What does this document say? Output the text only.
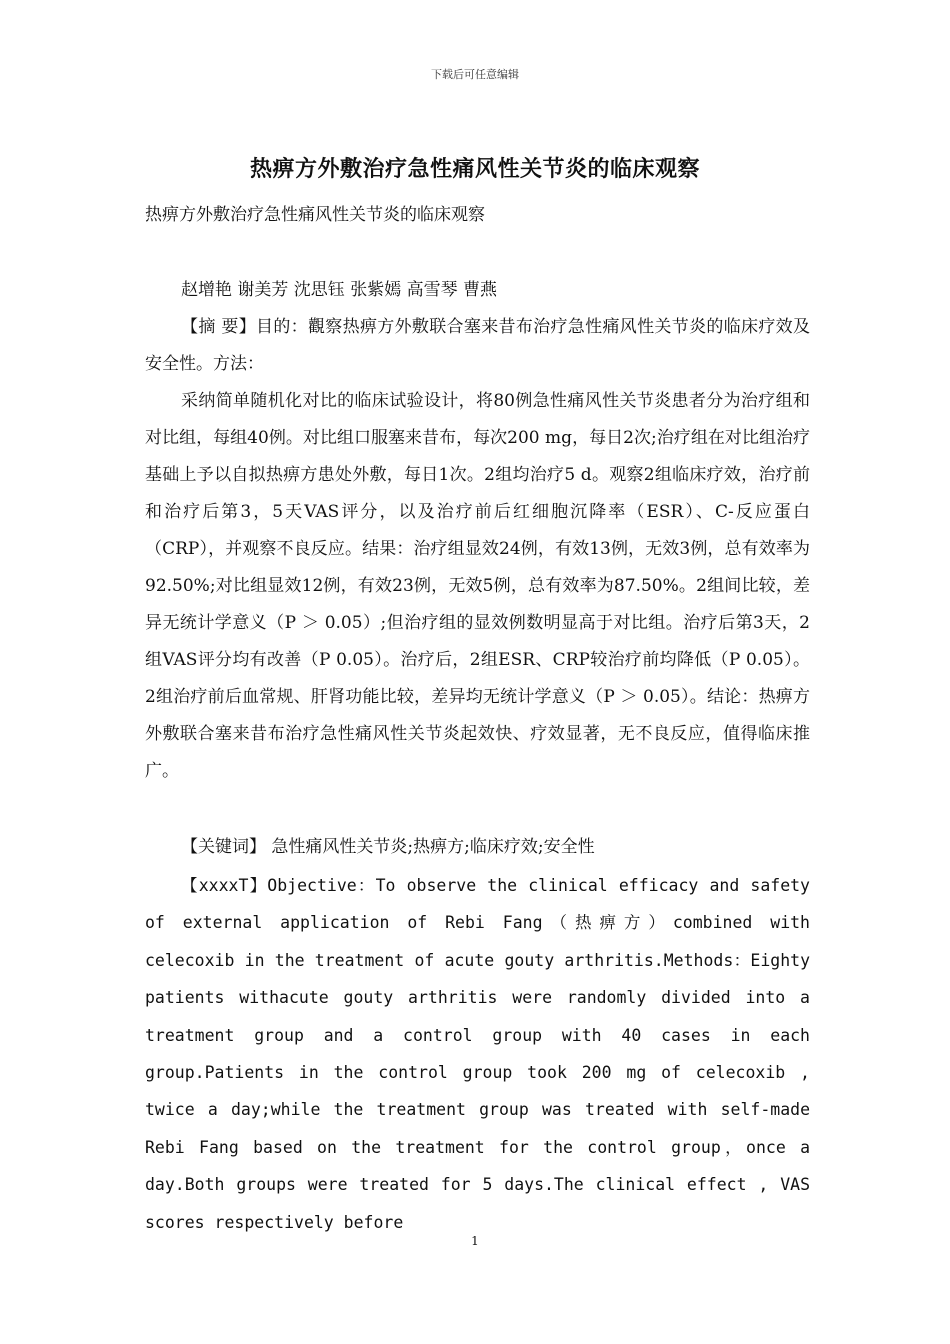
下载后可任意编辑
热痹方外敷治疗急性痛风性关节炎的临床观察

热痹方外敷治疗急性痛风性关节炎的临床观察

赵增艳 谢美芳 沈思钰 张紫嫣 高雪琴 曹燕

【摘 要】目的：觀察热痹方外敷联合塞来昔布治疗急性痛风性关节炎的临床疗效及安全性。方法：

采纳简单随机化对比的临床试验设计，将80例急性痛风性关节炎患者分为治疗组和对比组，每组40例。对比组口服塞来昔布，每次200 mg，每日2次;治疗组在对比组治疗基础上予以自拟热痹方患处外敷，每日1次。2组均治疗5 d。观察2组临床疗效，治疗前和治疗后第3，5天VAS评分，以及治疗前后红细胞沉降率（ESR）、C-反应蛋白（CRP），并观察不良反应。结果：治疗组显效24例，有效13例，无效3例，总有效率为92.50%;对比组显效12例，有效23例，无效5例，总有效率为87.50%。2组间比较，差异无统计学意义（P ＞ 0.05）;但治疗组的显效例数明显高于对比组。治疗后第3天，2组VAS评分均有改善（P 0.05）。治疗后，2组ESR、CRP较治疗前均降低（P 0.05）。2组治疗前后血常规、肝肾功能比较，差异均无统计学意义（P ＞ 0.05）。结论：热痹方外敷联合塞来昔布治疗急性痛风性关节炎起效快、疗效显著，无不良反应，值得临床推广。

【关键词】 急性痛风性关节炎;热痹方;临床疗效;安全性

【xxxxT】Objective：To observe the clinical efficacy and safety of external application of Rebi Fang（热痹方）combined with celecoxib in the treatment of acute gouty arthritis.Methods：Eighty patients withacute gouty arthritis were randomly divided into a treatment group and a control group with 40 cases in each group.Patients in the control group took 200 mg of celecoxib , twice a day;while the treatment group was treated with self-made Rebi Fang based on the treatment for the control group，once a day.Both groups were treated for 5 days.The clinical effect , VAS scores respectively before

1
